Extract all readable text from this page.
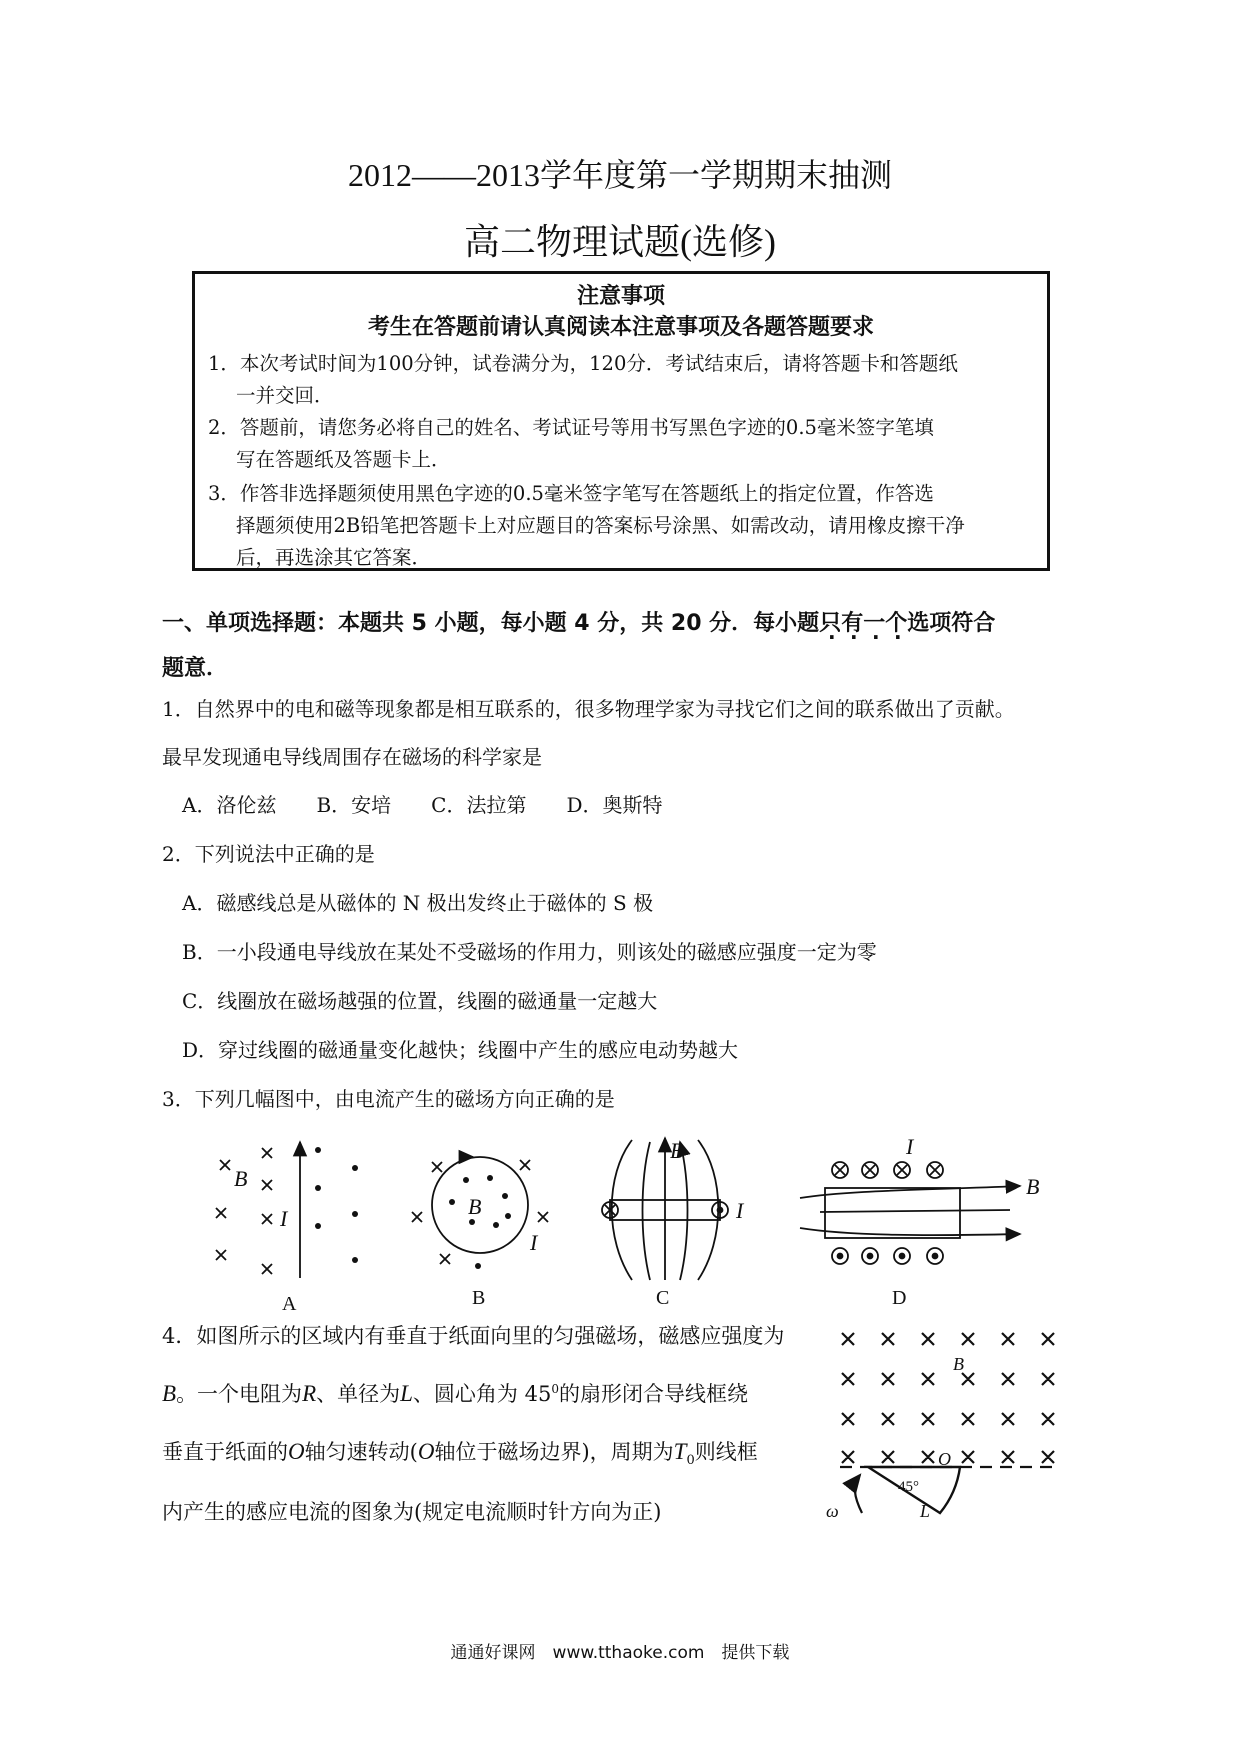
2012——2013学年度第一学期期末抽测
高二物理试题(选修)
注意事项
考生在答题前请认真阅读本注意事项及各题答题要求
1．本次考试时间为100分钟，试卷满分为，120分．考试结束后，请将答题卡和答题纸
一并交回．
2．答题前，请您务必将自己的姓名、考试证号等用书写黑色字迹的0.5毫米签字笔填
写在答题纸及答题卡上．
3．作答非选择题须使用黑色字迹的0.5毫米签字笔写在答题纸上的指定位置，作答选
择题须使用2B铅笔把答题卡上对应题目的答案标号涂黑、如需改动，请用橡皮擦干净
后，再选涂其它答案．
一、单项选择题：本题共 5 小题，每小题 4 分，共 20 分．每小题只有一个选项符合
题意．
1．自然界中的电和磁等现象都是相互联系的，很多物理学家为寻找它们之间的联系做出了贡献。
最早发现通电导线周围存在磁场的科学家是
A．洛伦兹　　B．安培　　C．法拉第　　D．奥斯特
2．下列说法中正确的是
A．磁感线总是从磁体的 N 极出发终止于磁体的 S 极
B．一小段通电导线放在某处不受磁场的作用力，则该处的磁感应强度一定为零
C．线圈放在磁场越强的位置，线圈的磁通量一定越大
D．穿过线圈的磁通量变化越快；线圈中产生的感应电动势越大
3．下列几幅图中，由电流产生的磁场方向正确的是
B
I	B
I
B
I
I
B
A	B	C	D
4．如图所示的区域内有垂直于纸面向里的匀强磁场，磁感应强度为
B。一个电阻为R、单径为L、圆心角为 $45^0$的扇形闭合导线框绕
垂直于纸面的O轴匀速转动(O轴位于磁场边界)，周期为$T_0$则线框
内产生的感应电流的图象为(规定电流顺时针方向为正)
B
O
45°
L
ω
通通好课网　www.tthaoke.com　提供下载
